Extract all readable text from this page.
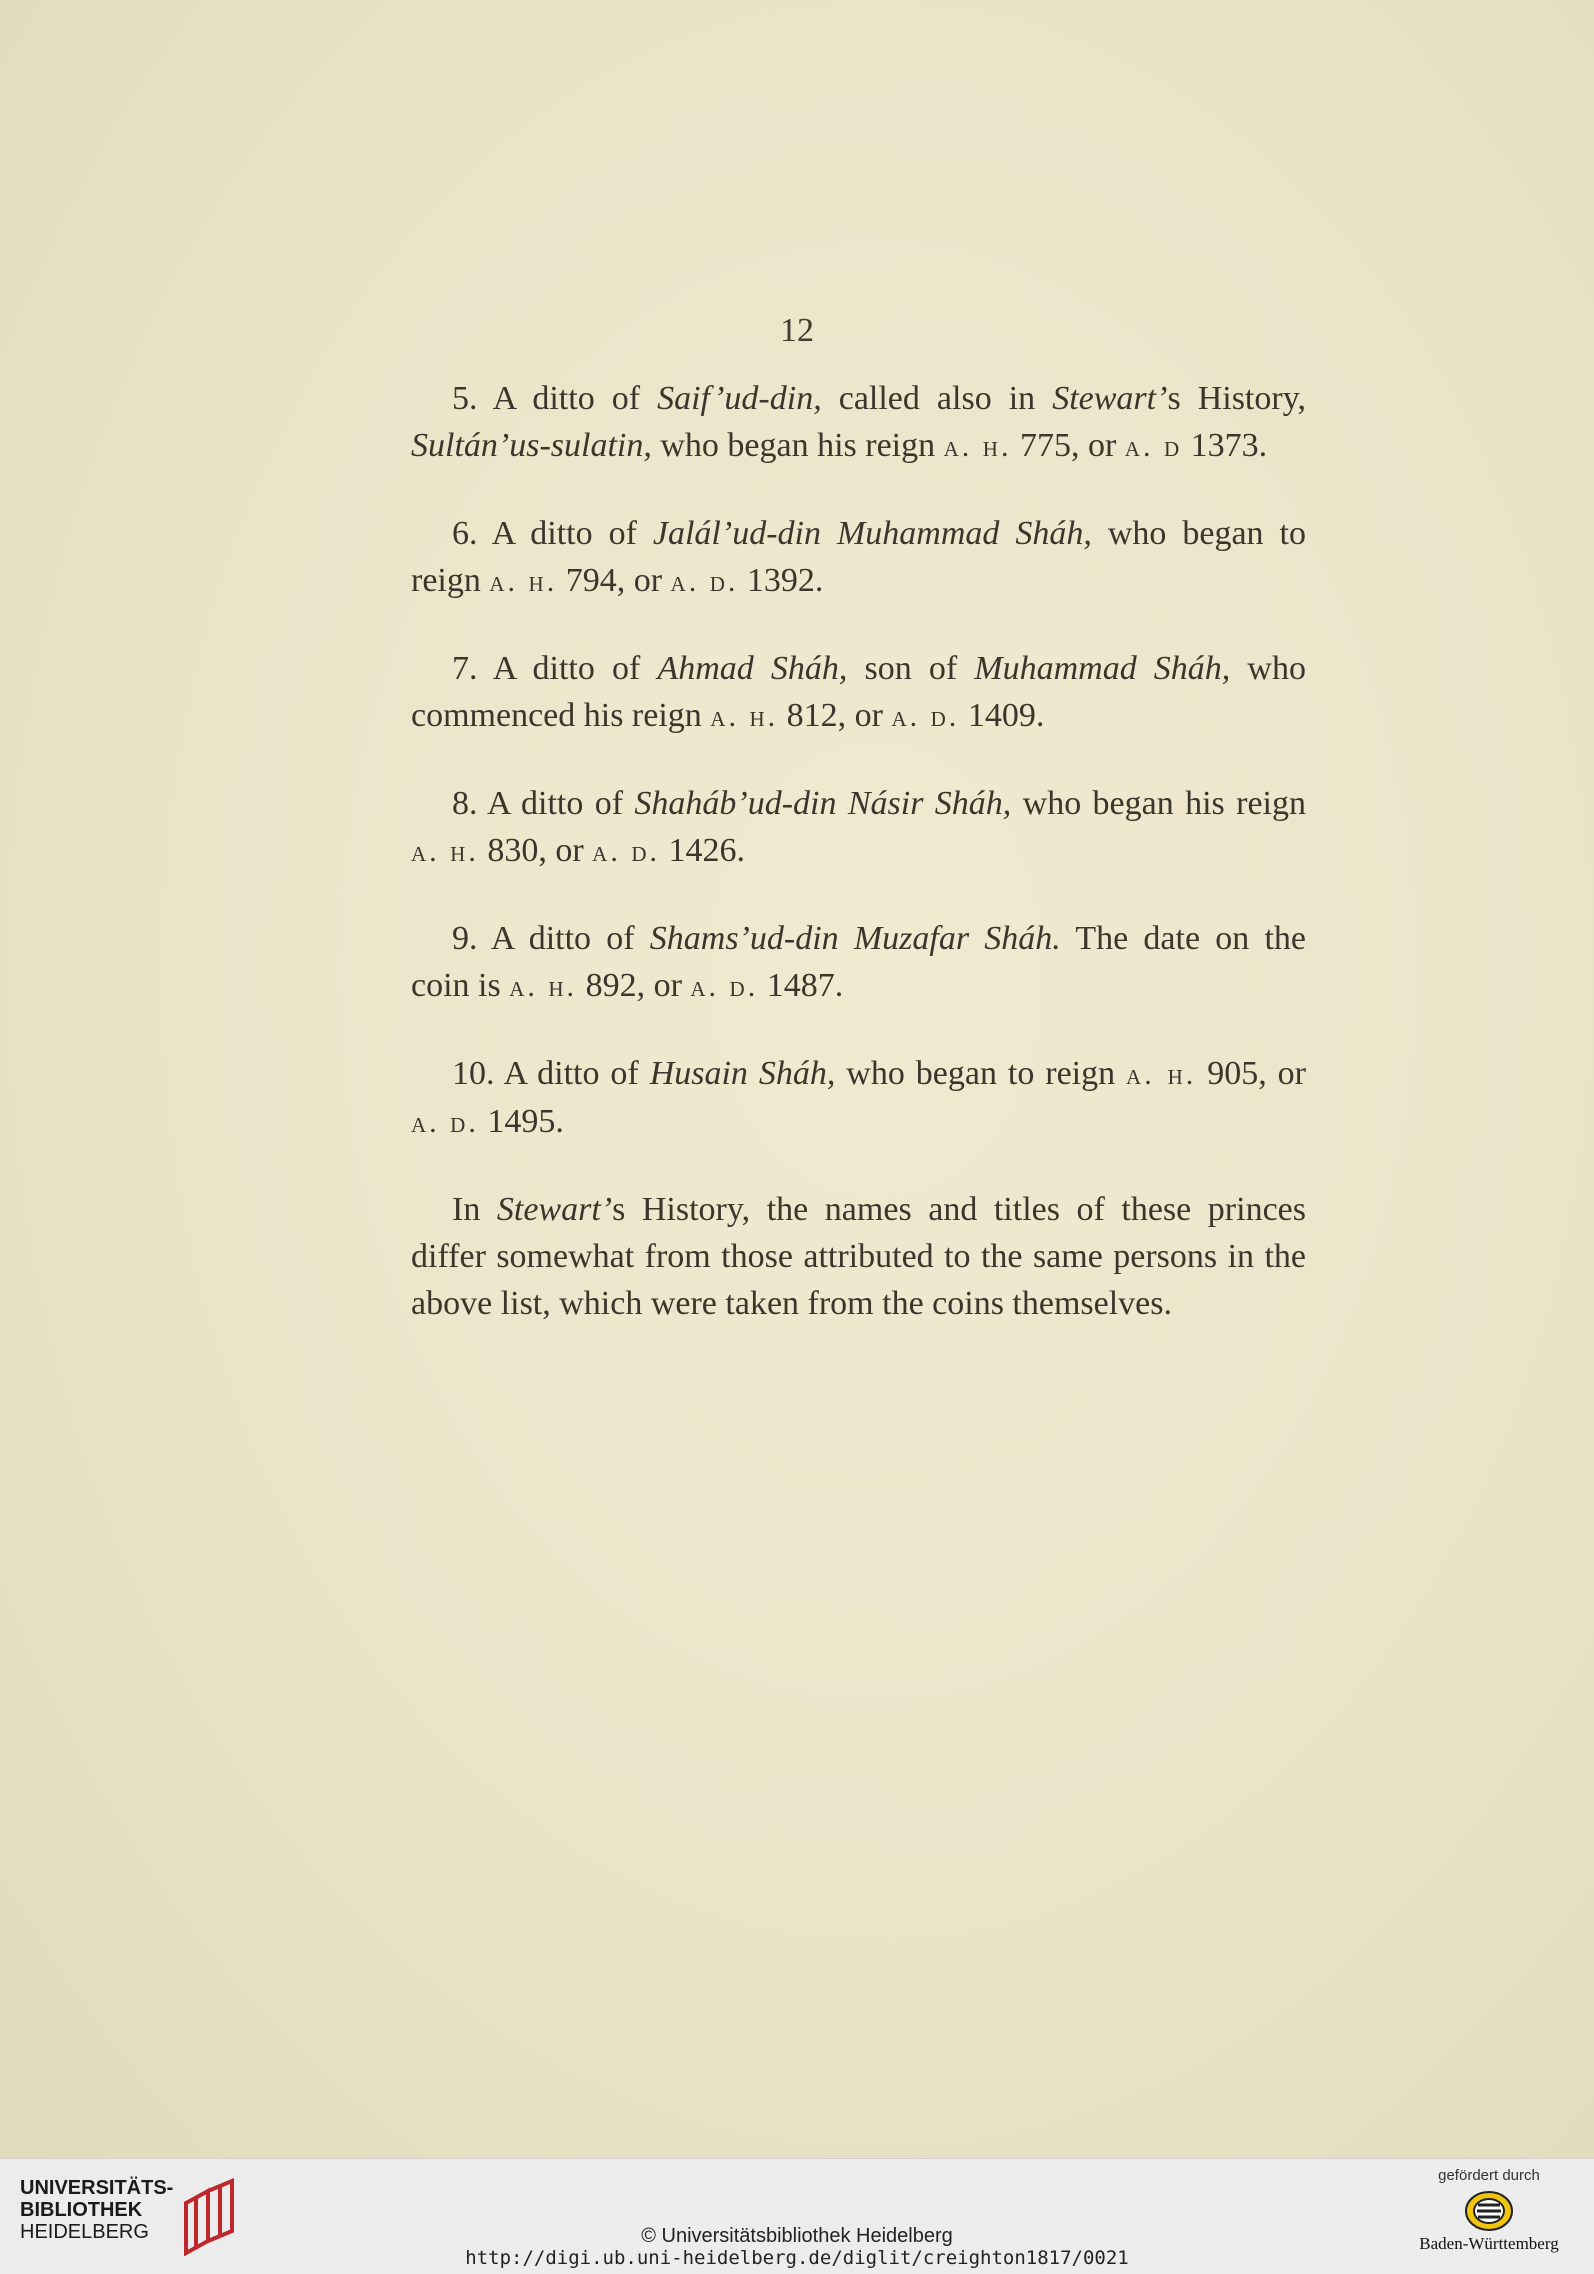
12

5. A ditto of Saif’ud-din, called also in Stewart’s History, Sultán’us-sulatin, who began his reign a. h. 775, or a. d 1373.

6. A ditto of Jalál’ud-din Muhammad Sháh, who began to reign a. h. 794, or a. d. 1392.

7. A ditto of Ahmad Sháh, son of Muhammad Sháh, who commenced his reign a. h. 812, or a. d. 1409.

8. A ditto of Shaháb’ud-din Násir Sháh, who began his reign a. h. 830, or a. d. 1426.

9. A ditto of Shams’ud-din Muzafar Sháh. The date on the coin is a. h. 892, or a. d. 1487.

10. A ditto of Husain Sháh, who began to reign a. h. 905, or a. d. 1495.

In Stewart’s History, the names and titles of these princes differ somewhat from those attributed to the same persons in the above list, which were taken from the coins themselves.

UNIVERSITÄTS-
BIBLIOTHEK
HEIDELBERG	© Universitätsbibliothek Heidelberg
http://digi.ub.uni-heidelberg.de/diglit/creighton1817/0021
gefördert durch
Baden-Württemberg
